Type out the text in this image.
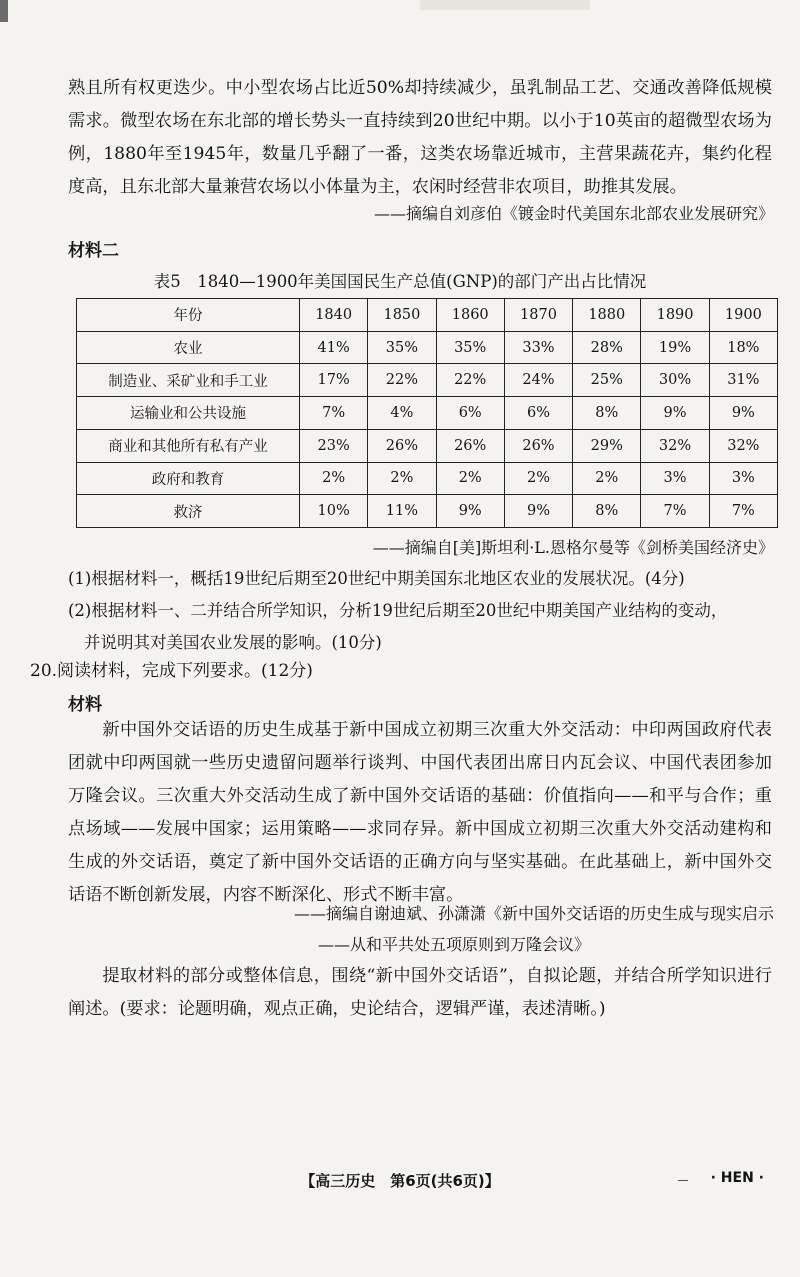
熟且所有权更迭少。中小型农场占比近50%却持续减少，虽乳制品工艺、交通改善降低规模需求。微型农场在东北部的增长势头一直持续到20世纪中期。以小于10英亩的超微型农场为例，1880年至1945年，数量几乎翻了一番，这类农场靠近城市，主营果蔬花卉，集约化程度高，且东北部大量兼营农场以小体量为主，农闲时经营非农项目，助推其发展。

——摘编自刘彦伯《镀金时代美国东北部农业发展研究》

材料二

表5　1840—1900年美国国民生产总值(GNP)的部门产出占比情况

年份	1840	1850	1860	1870	1880	1890	1900
农业	41%	35%	35%	33%	28%	19%	18%
制造业、采矿业和手工业	17%	22%	22%	24%	25%	30%	31%
运输业和公共设施	7%	4%	6%	6%	8%	9%	9%
商业和其他所有私有产业	23%	26%	26%	26%	29%	32%	32%
政府和教育	2%	2%	2%	2%	2%	3%	3%
救济	10%	11%	9%	9%	8%	7%	7%

——摘编自[美]斯坦利·L.恩格尔曼等《剑桥美国经济史》

(1)根据材料一，概括19世纪后期至20世纪中期美国东北地区农业的发展状况。(4分)

(2)根据材料一、二并结合所学知识，分析19世纪后期至20世纪中期美国产业结构的变动，

并说明其对美国农业发展的影响。(10分)

20.阅读材料，完成下列要求。(12分)

材料

新中国外交话语的历史生成基于新中国成立初期三次重大外交活动：中印两国政府代表团就中印两国就一些历史遗留问题举行谈判、中国代表团出席日内瓦会议、中国代表团参加万隆会议。三次重大外交活动生成了新中国外交话语的基础：价值指向——和平与合作；重点场域——发展中国家；运用策略——求同存异。新中国成立初期三次重大外交活动建构和生成的外交话语，奠定了新中国外交话语的正确方向与坚实基础。在此基础上，新中国外交话语不断创新发展，内容不断深化、形式不断丰富。

——摘编自谢迪斌、孙潇潇《新中国外交话语的历史生成与现实启示

——从和平共处五项原则到万隆会议》

提取材料的部分或整体信息，围绕“新中国外交话语”，自拟论题，并结合所学知识进行阐述。(要求：论题明确，观点正确，史论结合，逻辑严谨，表述清晰。)

【高三历史　第6页(共6页)】	· HEN ·
